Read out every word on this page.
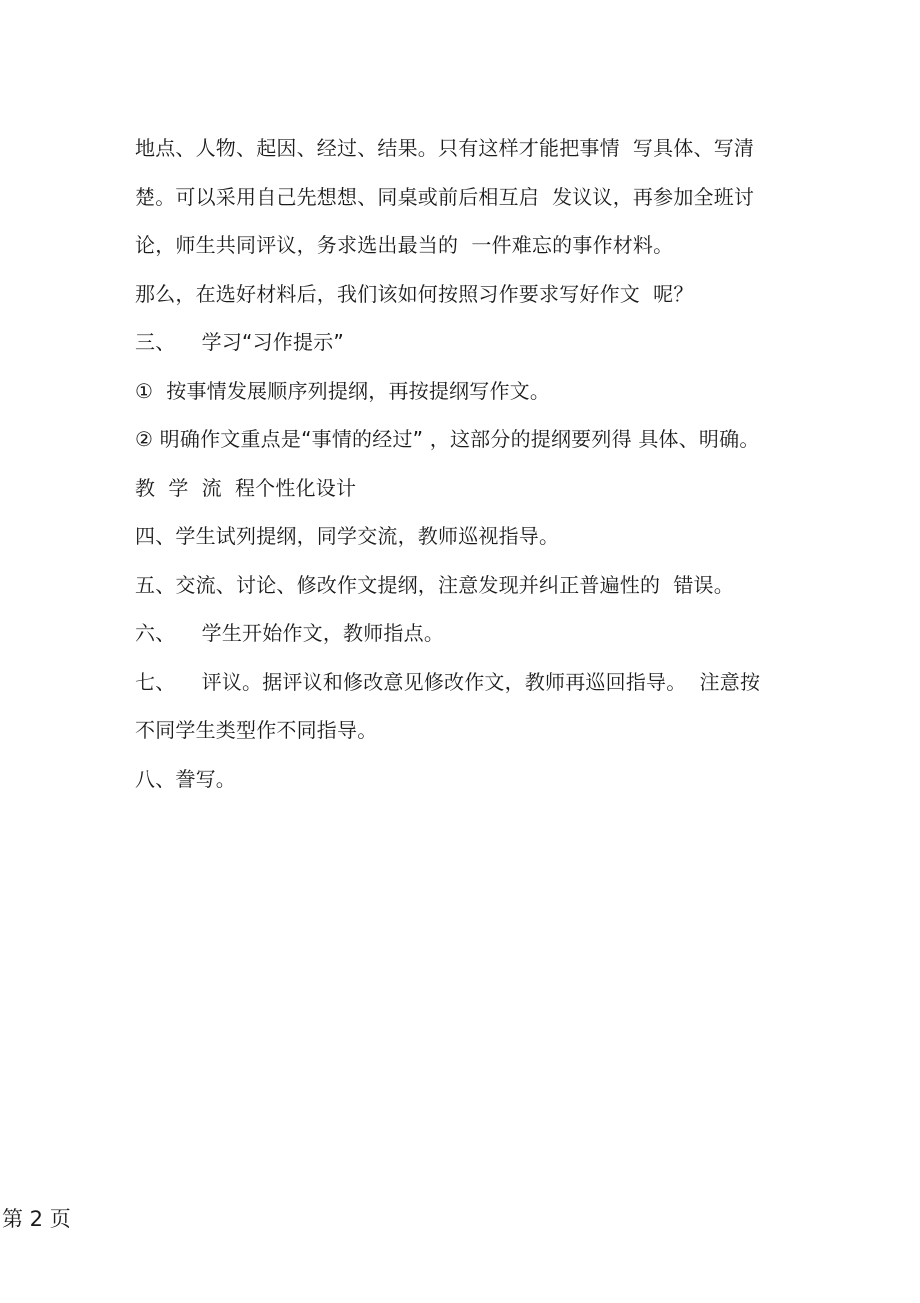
地点、人物、起因、经过、结果。只有这样才能把事情  写具体、写清
楚。可以采用自己先想想、同桌或前后相互启  发议议，再参加全班讨
论，师生共同评议，务求选出最当的  一件难忘的事作材料。
那么，在选好材料后，我们该如何按照习作要求写好作文  呢？
三、    学习“习作提示”
①  按事情发展顺序列提纲，再按提纲写作文。
② 明确作文重点是“事情的经过” ，这部分的提纲要列得 具体、明确。
教  学  流  程个性化设计
四、学生试列提纲，同学交流，教师巡视指导。
五、交流、讨论、修改作文提纲，注意发现并纠正普遍性的  错误。
六、    学生开始作文，教师指点。
七、    评议。据评议和修改意见修改作文，教师再巡回指导。  注意按
不同学生类型作不同指导。
八、誊写。
第 2 页
